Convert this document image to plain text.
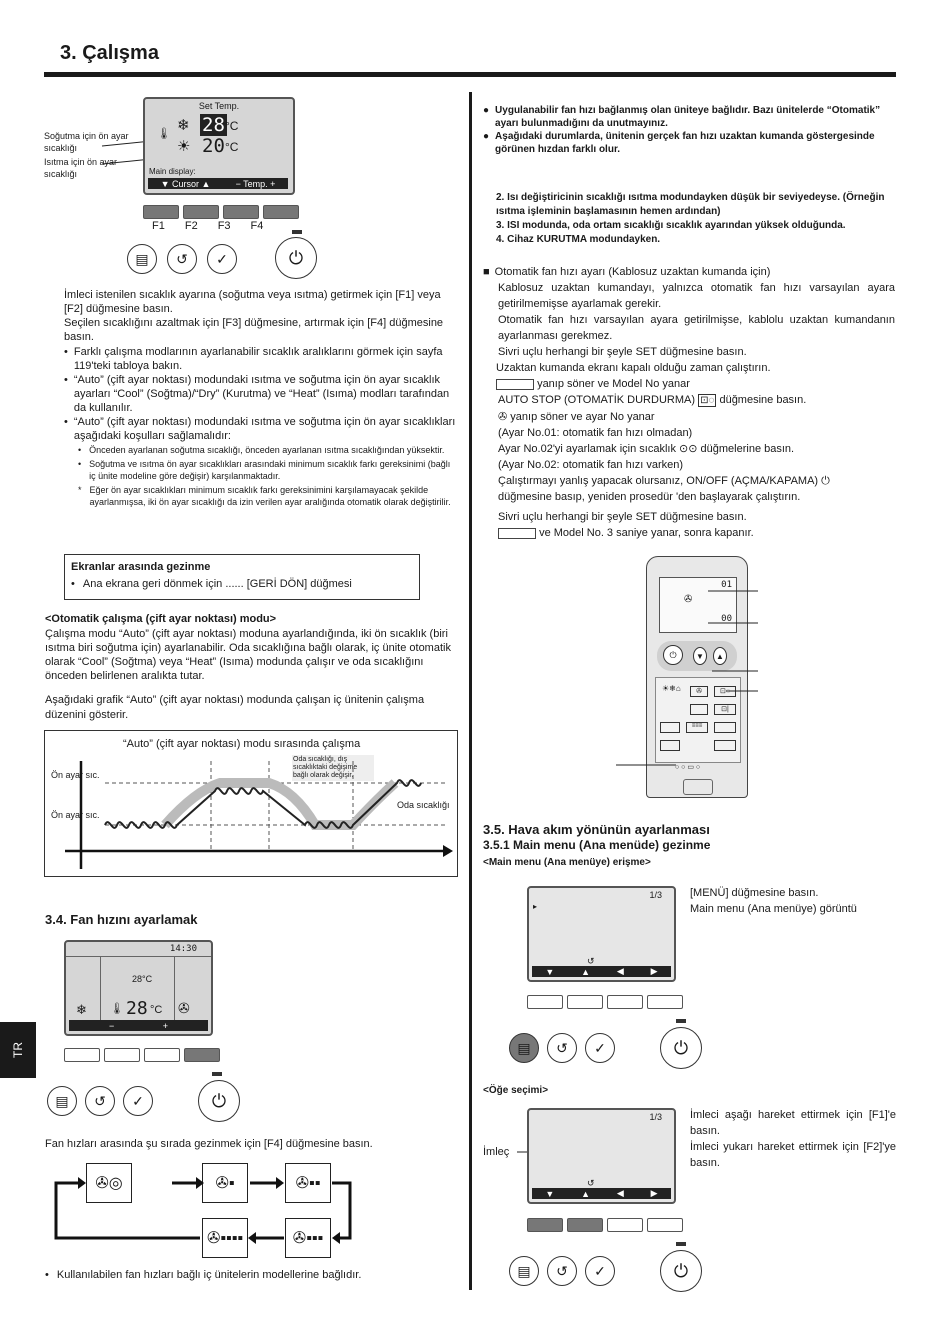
3. Çalışma
TR
Soğutma için ön ayar sıcaklığı
Isıtma için ön ayar sıcaklığı
Set Temp.
🌡 ❄ 28 °C
☀ 20 °C
Main display:
▼ Cursor ▲	− Temp. +
F1 F2 F3 F4
▤ ↺ ✓	⏻
İmleci istenilen sıcaklık ayarına (soğutma veya ısıtma) getirmek için [F1] veya [F2] düğmesine basın.
Seçilen sıcaklığını azaltmak için [F3] düğmesine, artırmak için [F4] düğmesine basın.
• Farklı çalışma modlarının ayarlanabilir sıcaklık aralıklarını görmek için sayfa 119'teki tabloya bakın.
• “Auto” (çift ayar noktası) modundaki ısıtma ve soğutma için ön ayar sıcaklık ayarları “Cool” (Soğtma)/“Dry” (Kurutma) ve “Heat” (Isıma) modları tarafından da kullanılır.
• “Auto” (çift ayar noktası) modundaki ısıtma ve soğutma için ön ayar sıcaklıkları aşağıdaki koşulları sağlamalıdır:
• Önceden ayarlanan soğutma sıcaklığı, önceden ayarlanan ısıtma sıcaklığından yüksektir.
• Soğutma ve ısıtma ön ayar sıcaklıkları arasındaki minimum sıcaklık farkı gereksinimi (bağlı iç ünite modeline göre değişir) karşılanmaktadır.
* Eğer ön ayar sıcaklıkları minimum sıcaklık farkı gereksinimini karşılamayacak şekilde ayarlanmışsa, iki ön ayar sıcaklığı da izin verilen ayar aralığında otomatik olarak değiştirilir.
Ekranlar arasında gezinme
• Ana ekrana geri dönmek için ...... [GERİ DÖN] düğmesi
<Otomatik çalışma (çift ayar noktası) modu>
Çalışma modu “Auto” (çift ayar noktası) moduna ayarlandığında, iki ön sıcaklık (biri ısıtma biri soğutma için) ayarlanabilir. Oda sıcaklığına bağlı olarak, iç ünite otomatik olarak “Cool” (Soğtma) veya “Heat” (Isıma) modunda çalışır ve oda sıcaklığını önceden belirlenen aralıkta tutar.
Aşağıdaki grafik “Auto” (çift ayar noktası) modunda çalışan iç ünitenin çalışma düzenini gösterir.
“Auto” (çift ayar noktası) modu sırasında çalışma
Ön ayar sıc.
Ön ayar sıc.
Oda sıcaklığı, dış sıcaklıktaki değişime bağlı olarak değişir.
Oda sıcaklığı
3.4. Fan hızını ayarlamak
14:30
28°C
❄ 🌡 28 °C ✇
−	+
▤ ↺ ✓	⏻
Fan hızları arasında şu sırada gezinmek için [F4] düğmesine basın.
✇◎	✇▪	✇▪▪
✇▪▪▪
✇▪▪▪▪
• Kullanılabilen fan hızları bağlı iç ünitelerin modellerine bağlıdır.
● Uygulanabilir fan hızı bağlanmış olan üniteye bağlıdır. Bazı ünitelerde “Otomatik” ayarı bulunmadığını da unutmayınız.
● Aşağıdaki durumlarda, ünitenin gerçek fan hızı uzaktan kumanda göstergesinde görünen hızdan farklı olur.
2. Isı değiştiricinin sıcaklığı ısıtma modundayken düşük bir seviyedeyse. (Örneğin ısıtma işleminin başlamasının hemen ardından)
3. ISI modunda, oda ortam sıcaklığı sıcaklık ayarından yüksek olduğunda.
4. Cihaz KURUTMA modundayken.
■ Otomatik fan hızı ayarı (Kablosuz uzaktan kumanda için)
Kablosuz uzaktan kumandayı, yalnızca otomatik fan hızı varsayılan ayara getirilmemişse ayarlamak gerekir.
Otomatik fan hızı varsayılan ayara getirilmişse, kablolu uzaktan kumandanın ayarlanması gerekmez.
Sivri uçlu herhangi bir şeyle SET düğmesine basın.
Uzaktan kumanda ekranı kapalı olduğu zaman çalıştırın.
yanıp söner ve Model No yanar
AUTO STOP (OTOMATİK DURDURMA) ⊡◌ düğmesine basın.
✇ yanıp söner ve ayar No yanar
(Ayar No.01: otomatik fan hızı olmadan)
Ayar No.02'yi ayarlamak için sıcaklık ⊙⊙ düğmelerine basın.
(Ayar No.02: otomatik fan hızı varken)
Çalıştırmayı yanlış yapacak olursanız, ON/OFF (AÇMA/KAPAMA) ⏻
düğmesine basıp, yeniden prosedür 'den başlayarak çalıştırın.
Sivri uçlu herhangi bir şeyle SET düğmesine basın.
ve Model No. 3 saniye yanar, sonra kapanır.
01
✇
00
⏻	▼	▲
☀❄⌂	✇	⊡◌
⊡|
≡≡≡
○ ○ ▭ ○
3.5. Hava akım yönünün ayarlanması
3.5.1 Main menu (Ana menüde) gezinme
<Main menu (Ana menüye) erişme>
1/3
▸
↺
▼	▲	◀	▶
[MENÜ] düğmesine basın.
Main menu (Ana menüye) görüntü
▤ ↺ ✓	⏻
<Öğe seçimi>
İmleç
1/3
↺
▼	▲	◀	▶
İmleci aşağı hareket ettirmek için [F1]'e basın.
İmleci yukarı hareket ettirmek için [F2]'ye basın.
▤ ↺ ✓	⏻
